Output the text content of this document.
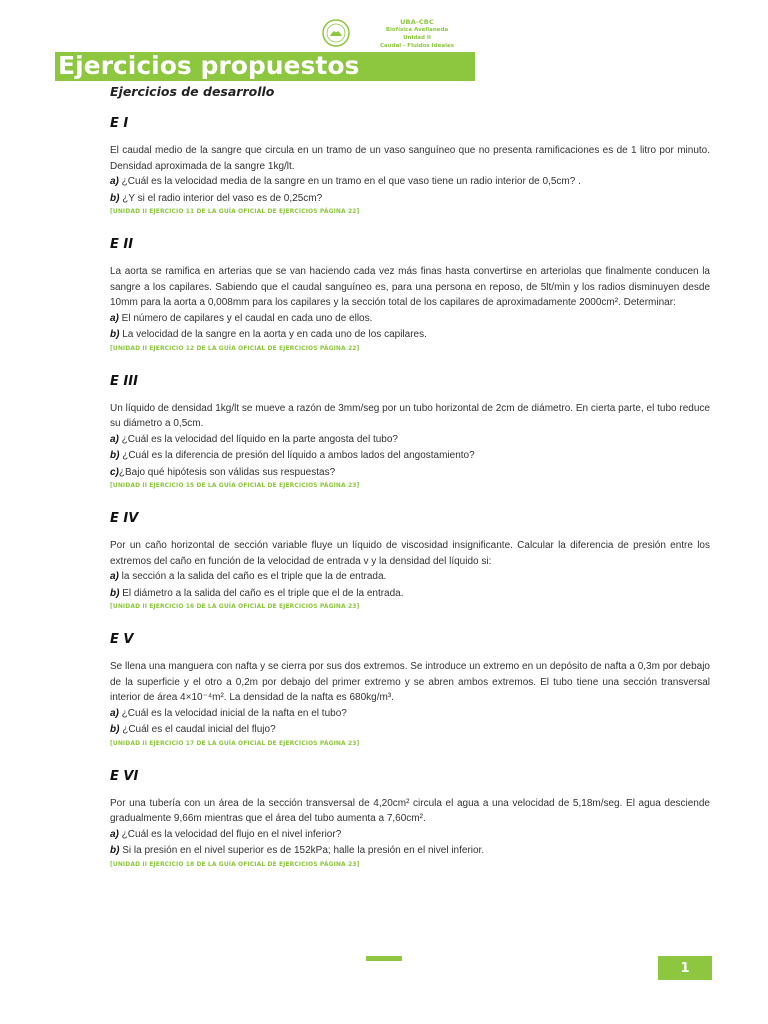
UBA-CBC
Biofísica Avellaneda
Unidad II
Caudal - Fluidos Ideales
Ejercicios propuestos
Ejercicios de desarrollo
E I
El caudal medio de la sangre que circula en un tramo de un vaso sanguíneo que no presenta ramificaciones es de 1 litro por minuto. Densidad aproximada de la sangre 1kg/lt.
a) ¿Cuál es la velocidad media de la sangre en un tramo en el que vaso tiene un radio interior de 0,5cm? .
b) ¿Y si el radio interior del vaso es de 0,25cm?
[UNIDAD II EJERCICIO 11 DE LA GUÍA OFICIAL DE EJERCICIOS PÁGINA 22]
E II
La aorta se ramifica en arterias que se van haciendo cada vez más finas hasta convertirse en arteriolas que finalmente conducen la sangre a los capilares. Sabiendo que el caudal sanguíneo es, para una persona en reposo, de 5lt/min y los radios disminuyen desde 10mm para la aorta a 0,008mm para los capilares y la sección total de los capilares de aproximadamente 2000cm². Determinar:
a) El número de capilares y el caudal en cada uno de ellos.
b) La velocidad de la sangre en la aorta y en cada uno de los capilares.
[UNIDAD II EJERCICIO 12 DE LA GUÍA OFICIAL DE EJERCICIOS PÁGINA 22]
E III
Un líquido de densidad 1kg/lt se mueve a razón de 3mm/seg por un tubo horizontal de 2cm de diámetro. En cierta parte, el tubo reduce su diámetro a 0,5cm.
a) ¿Cuál es la velocidad del líquido en la parte angosta del tubo?
b) ¿Cuál es la diferencia de presión del líquido a ambos lados del angostamiento?
c)¿Bajo qué hipótesis son válidas sus respuestas?
[UNIDAD II EJERCICIO 15 DE LA GUÍA OFICIAL DE EJERCICIOS PÁGINA 23]
E IV
Por un caño horizontal de sección variable fluye un líquido de viscosidad insignificante. Calcular la diferencia de presión entre los extremos del caño en función de la velocidad de entrada v y la densidad del líquido si:
a) la sección a la salida del caño es el triple que la de entrada.
b) El diámetro a la salida del caño es el triple que el de la entrada.
[UNIDAD II EJERCICIO 16 DE LA GUÍA OFICIAL DE EJERCICIOS PÁGINA 23]
E V
Se llena una manguera con nafta y se cierra por sus dos extremos. Se introduce un extremo en un depósito de nafta a 0,3m por debajo de la superficie y el otro a 0,2m por debajo del primer extremo y se abren ambos extremos. El tubo tiene una sección transversal interior de área 4×10⁻⁴m². La densidad de la nafta es 680kg/m³.
a) ¿Cuál es la velocidad inicial de la nafta en el tubo?
b) ¿Cuál es el caudal inicial del flujo?
[UNIDAD II EJERCICIO 17 DE LA GUÍA OFICIAL DE EJERCICIOS PÁGINA 23]
E VI
Por una tubería con un área de la sección transversal de 4,20cm² circula el agua a una velocidad de 5,18m/seg. El agua desciende gradualmente 9,66m mientras que el área del tubo aumenta a 7,60cm².
a) ¿Cuál es la velocidad del flujo en el nivel inferior?
b) Si la presión en el nivel superior es de 152kPa; halle la presión en el nivel inferior.
[UNIDAD II EJERCICIO 18 DE LA GUÍA OFICIAL DE EJERCICIOS PÁGINA 23]
1
